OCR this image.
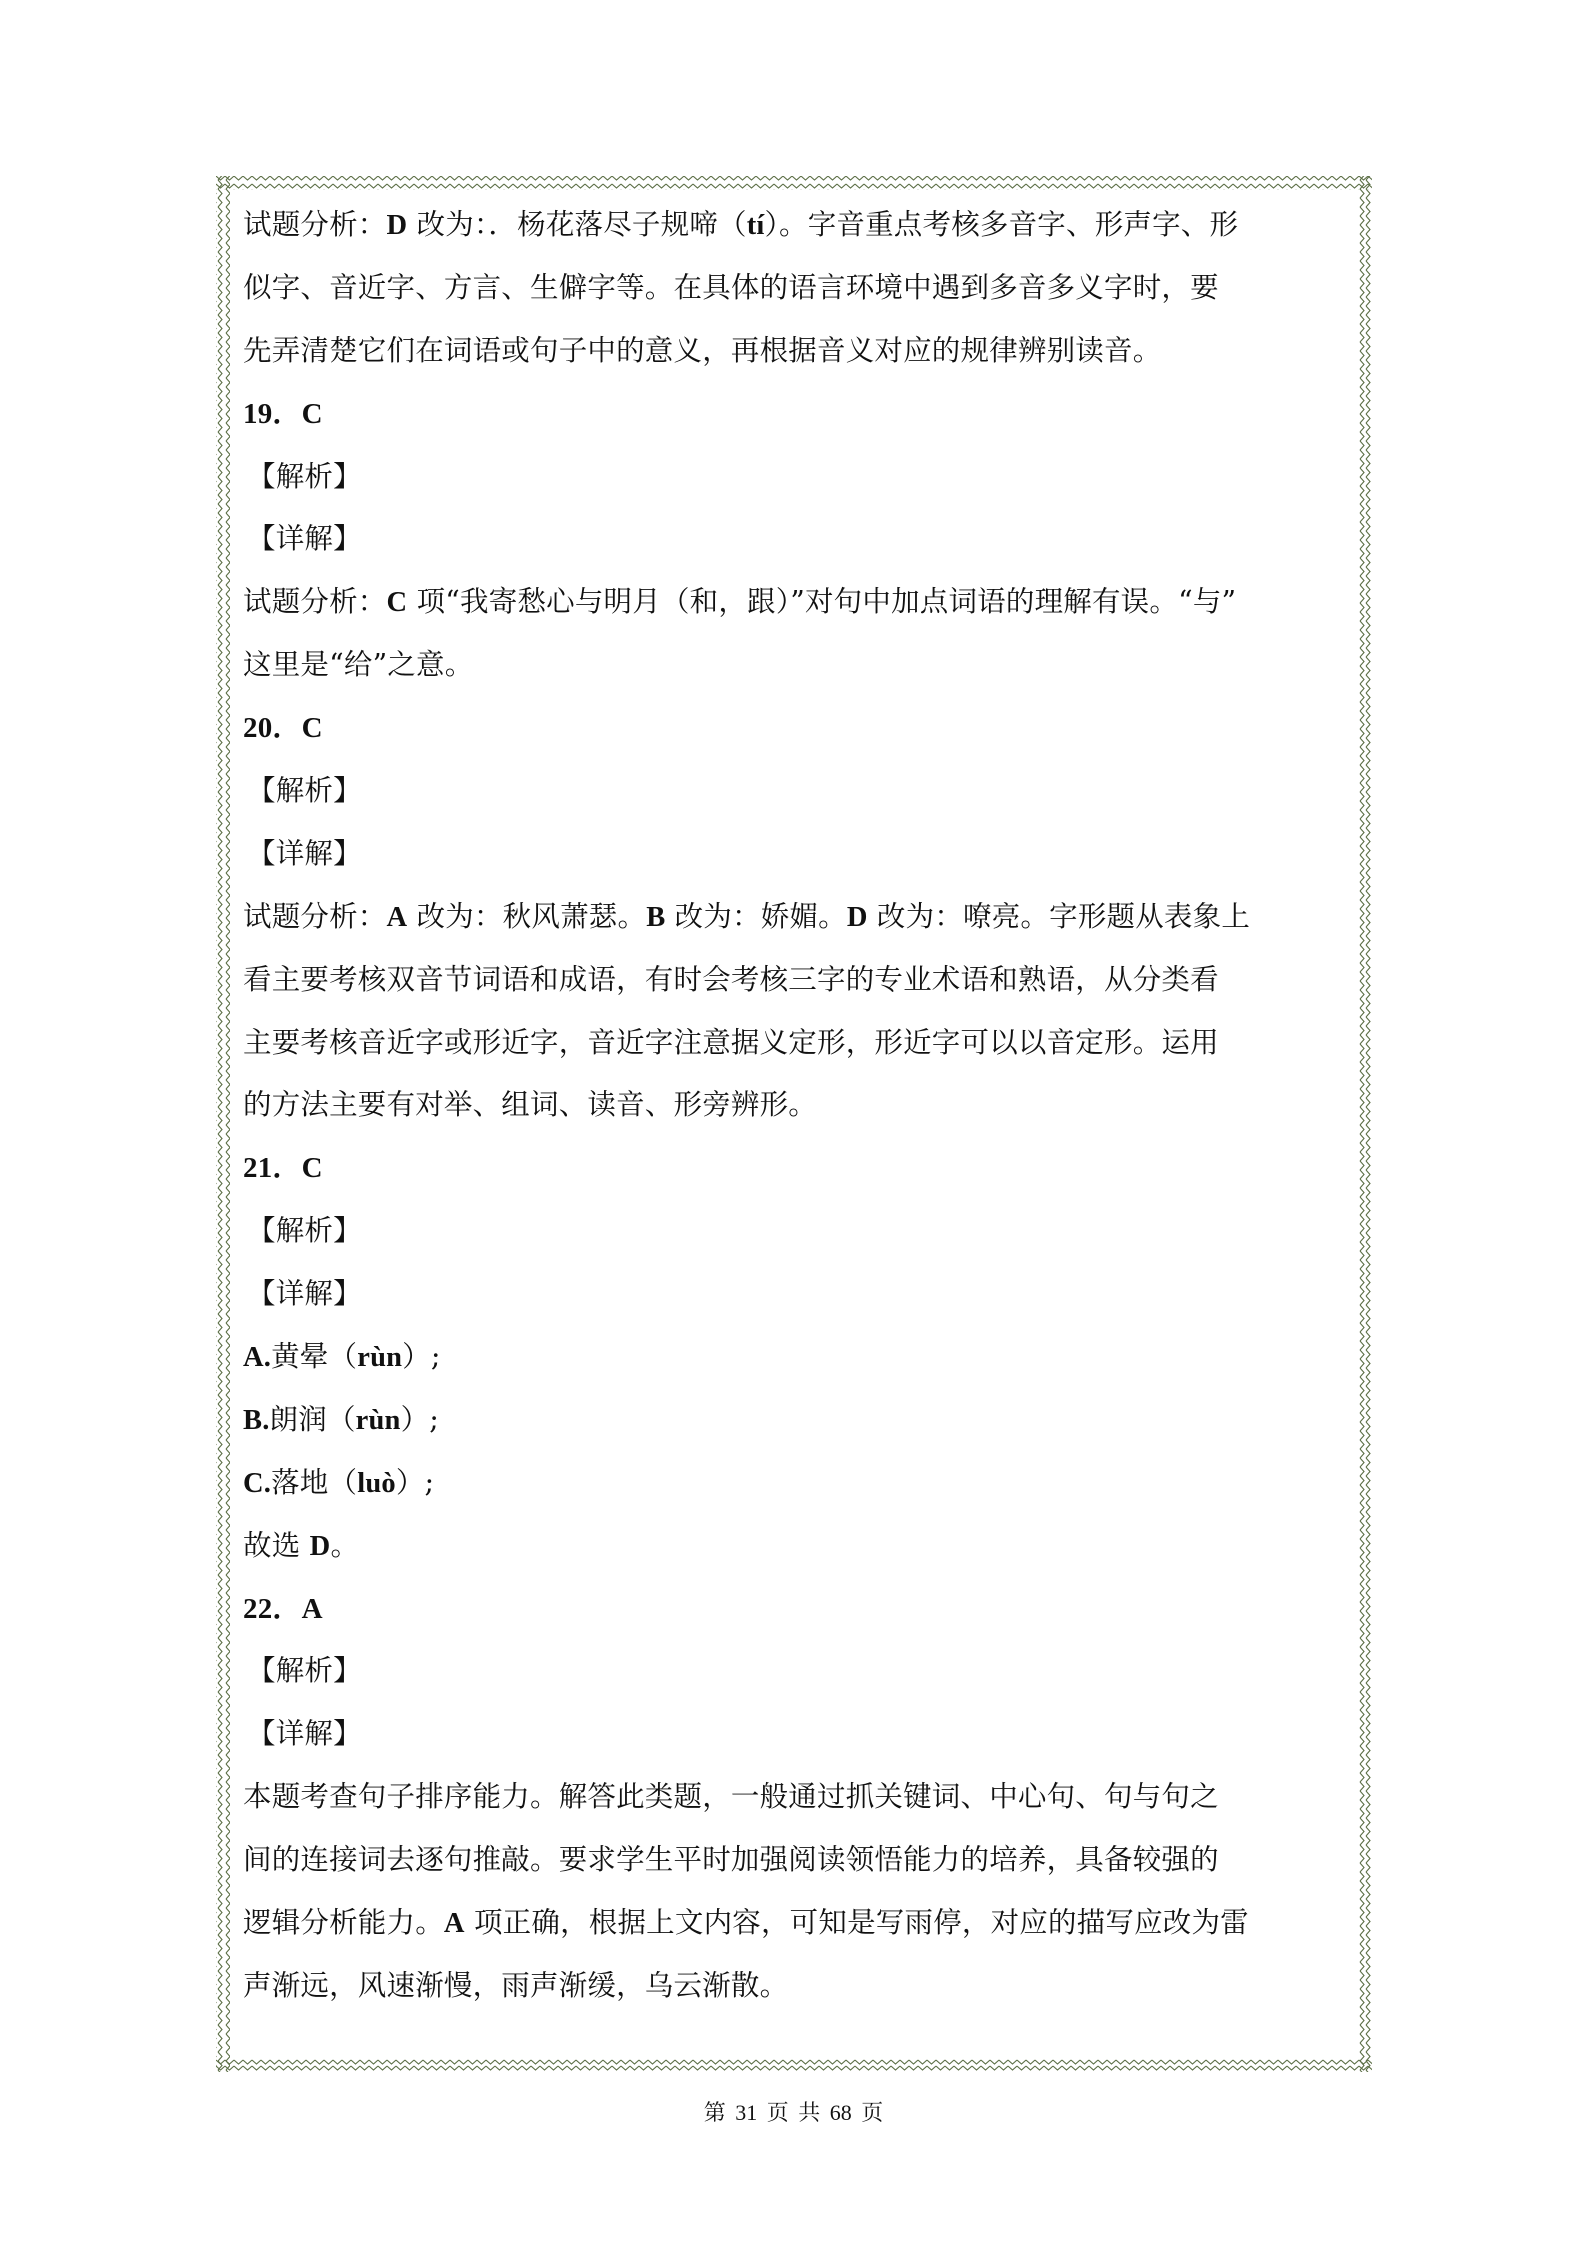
试题分析：D 改为：．杨花落尽子规啼（tí）。字音重点考核多音字、形声字、形
似字、音近字、方言、生僻字等。在具体的语言环境中遇到多音多义字时，要
先弄清楚它们在词语或句子中的意义，再根据音义对应的规律辨别读音。
19．C
【解析】
【详解】
试题分析：C 项“我寄愁心与明月（和，跟）”对句中加点词语的理解有误。“与”
这里是“给”之意。
20．C
【解析】
【详解】
试题分析：A 改为：秋风萧瑟。B 改为：娇媚。D 改为：嘹亮。字形题从表象上
看主要考核双音节词语和成语，有时会考核三字的专业术语和熟语，从分类看
主要考核音近字或形近字，音近字注意据义定形，形近字可以以音定形。运用
的方法主要有对举、组词、读音、形旁辨形。
21．C
【解析】
【详解】
A.黄晕（rùn）;
B.朗润（rùn）;
C.落地（luò）;
故选 D。
22．A
【解析】
【详解】
本题考查句子排序能力。解答此类题，一般通过抓关键词、中心句、句与句之
间的连接词去逐句推敲。要求学生平时加强阅读领悟能力的培养，具备较强的
逻辑分析能力。A 项正确，根据上文内容，可知是写雨停，对应的描写应改为雷
声渐远，风速渐慢，雨声渐缓，乌云渐散。
第 31 页 共 68 页
